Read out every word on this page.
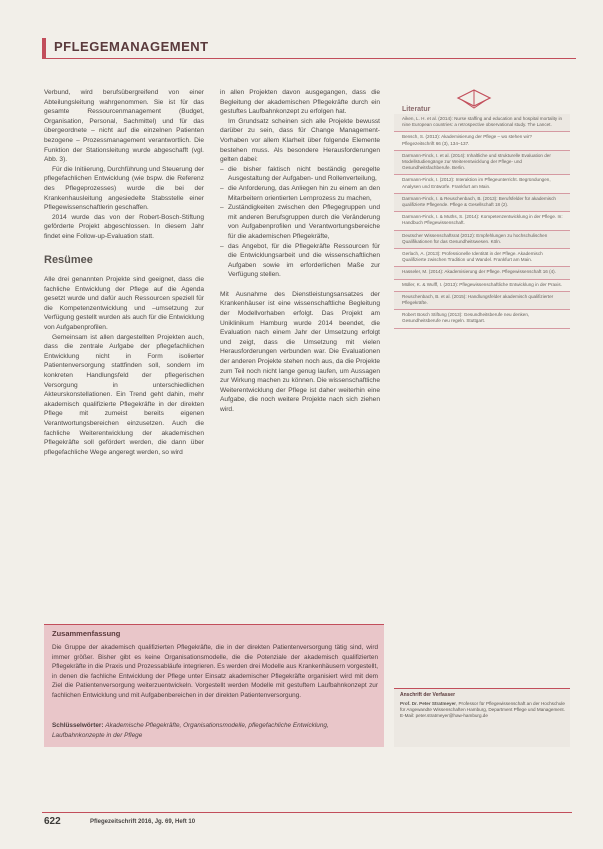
PFLEGEMANAGEMENT

Verbund, wird berufsübergreifend von einer Abteilungsleitung wahrgenommen. Sie ist für das gesamte Ressourcenmanagement (Budget, Organisation, Personal, Sachmittel) und für das übergeordnete – nicht auf die einzelnen Patienten bezogene – Prozessmanagement verantwortlich. Die Funktion der Stationsleitung wurde abgeschafft (vgl. Abb. 3).

Für die Initiierung, Durchführung und Steuerung der pflegefachlichen Entwicklung (wie bspw. die Referenz des Pflegeprozesses) wurde die bei der Krankenhausleitung angesiedelte Stabsstelle einer Pflegewissenschaftlerin geschaffen.

2014 wurde das von der Robert-Bosch-Stiftung geförderte Projekt abgeschlossen. In diesem Jahr findet eine Follow-up-Evaluation statt.

Resümee

Alle drei genannten Projekte sind geeignet, dass die fachliche Entwicklung der Pflege auf die Agenda gesetzt wurde und dafür auch Ressourcen speziell für die Kompetenzentwicklung und –umsetzung zur Verfügung gestellt wurden als auch für die Entwicklung von Aufgabenprofilen.

Gemeinsam ist allen dargestellten Projekten auch, dass die zentrale Aufgabe der pflegefachlichen Entwicklung nicht in Form isolierter Patientenversorgung stattfinden soll, sondern im konkreten Handlungsfeld der pflegerischen Versorgung in unterschiedlichen Akteurskonstellationen. Ein Trend geht dahin, mehr akademisch qualifizierte Pflegekräfte in der direkten Pflege mit zumeist bereits eigenen Verantwortungsbereichen einzusetzen. Auch die fachliche Weiterentwicklung der akademischen Pflegekräfte soll gefördert werden, die dann über pflegefachliche Wege angeregt werden, so wird

in allen Projekten davon ausgegangen, dass die Begleitung der akademischen Pflegekräfte durch ein gestuftes Laufbahnkonzept zu erfolgen hat.

Im Grundsatz scheinen sich alle Projekte bewusst darüber zu sein, dass für Change Management-Vorhaben vor allem Klarheit über folgende Elemente bestehen muss. Als besondere Herausforderungen gelten dabei:

– die bisher faktisch nicht beständig geregelte Ausgestaltung der Aufgaben- und Rollenverteilung,
– die Anforderung, das Anliegen hin zu einem an den Mitarbeitern orientierten Lernprozess zu machen,
– Zuständigkeiten zwischen den Pflegegruppen und mit anderen Berufsgruppen durch die Veränderung von Aufgabenprofilen und Verantwortungsbereiche für die akademischen Pflegekräfte,
– das Angebot, für die Pflegekräfte Ressourcen für die Entwicklungsarbeit und die wissenschaftlichen Aufgaben sowie im erforderlichen Maße zur Verfügung stellen.

Mit Ausnahme des Dienstleistungsansatzes der Krankenhäuser ist eine wissenschaftliche Begleitung der Modellvorhaben erfolgt. Das Projekt am Uniklinikum Hamburg wurde 2014 beendet, die Evaluation nach einem Jahr der Umsetzung erfolgt und zeigt, dass die Umsetzung mit vielen Herausforderungen verbunden war. Die Evaluationen der anderen Projekte stehen noch aus, da die Projekte zum Teil noch nicht lange genug laufen, um Aussagen zur Wirkung machen zu können. Die wissenschaftliche Weiterentwicklung der Pflege ist daher weiterhin eine Aufgabe, die noch weitere Projekte nach sich ziehen wird.

Literatur
Aiken, L. H. et al. (2014): Nurse staffing and education and hospital mortality in nine European countries: a retrospective observational study. The Lancet.
Bensch, S. (2013): Akademisierung der Pflege – wo stehen wir? Pflegezeitschrift 66 (3), 134–137.
Darmann-Finck, I. et al. (2014): Inhaltliche und strukturelle Evaluation der Modellstudiengänge zur Weiterentwicklung der Pflege- und Gesundheitsfachberufe. Berlin.
Darmann-Finck, I. (2012): Interaktion im Pflegeunterricht. Begründungen, Analysen und Entwürfe. Frankfurt am Main.
Darmann-Finck, I. & Reuschenbach, B. (2013): Berufsfelder für akademisch qualifizierte Pflegende. Pflege & Gesellschaft 18 (2).
Darmann-Finck, I. & Muths, S. (2014): Kompetenzentwicklung in der Pflege. In: Handbuch Pflegewissenschaft.
Deutscher Wissenschaftsrat (2012): Empfehlungen zu hochschulischen Qualifikationen für das Gesundheitswesen. Köln.
Gerlach, A. (2013): Professionelle Identität in der Pflege. Akademisch Qualifizierte zwischen Tradition und Wandel. Frankfurt am Main.
Hasseler, M. (2014): Akademisierung der Pflege. Pflegewissenschaft 16 (4).
Müller, K. & Wulff, I. (2013): Pflegewissenschaftliche Entwicklung in der Praxis.
Reuschenbach, B. et al. (2015): Handlungsfelder akademisch qualifizierter Pflegekräfte.
Robert Bosch Stiftung (2013): Gesundheitsberufe neu denken, Gesundheitsberufe neu regeln. Stuttgart.
Zusammenfassung
Die Gruppe der akademisch qualifizierten Pflegekräfte, die in der direkten Patientenversorgung tätig sind, wird immer größer. Bisher gibt es keine Organisationsmodelle, die die Potenziale der akademisch qualifizierten Pflegekräfte in die Praxis und Prozessabläufe integrieren. Es werden drei Modelle aus Krankenhäusern vorgestellt, in denen die fachliche Entwicklung der Pflege unter Einsatz akademischer Pflegekräfte organisiert wird mit dem Ziel die Patientenversorgung weiterzuentwickeln. Vorgestellt werden Modelle mit gestuftem Laufbahnkonzept zur fachlichen Entwicklung und mit Aufgabenbereichen in der direkten Patientenversorgung.
Schlüsselwörter: Akademische Pflegekräfte, Organisationsmodelle, pflegefachliche Entwicklung, Laufbahnkonzepte in der Pflege
Anschrift der Verfasser
Prof. Dr. Peter Stratmeyer, Professor für Pflegewissenschaft an der Hochschule für Angewandte Wissenschaften Hamburg, Department Pflege und Management. E-Mail: peter.stratmeyer@haw-hamburg.de
622	Pflegezeitschrift 2016, Jg. 69, Heft 10
